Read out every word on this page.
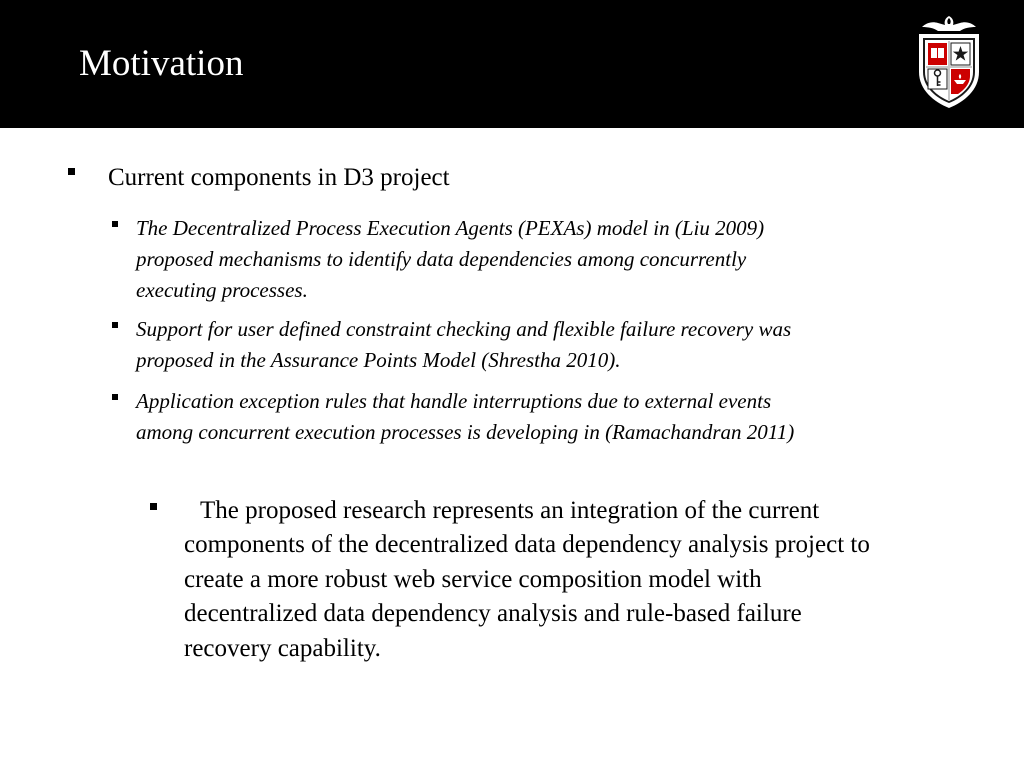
Motivation
Current components in D3 project
The Decentralized Process Execution Agents (PEXAs) model in (Liu 2009)
proposed mechanisms to identify data dependencies among concurrently
executing processes.
Support for user defined constraint checking and flexible failure recovery was
proposed in the Assurance Points Model (Shrestha 2010).
Application exception rules that handle interruptions due to external events
among concurrent execution processes is developing in (Ramachandran 2011)
The proposed research represents an integration of the current
components of the decentralized data dependency analysis project to
create a more robust web service composition model with
decentralized data dependency analysis and rule-based failure
recovery capability.
